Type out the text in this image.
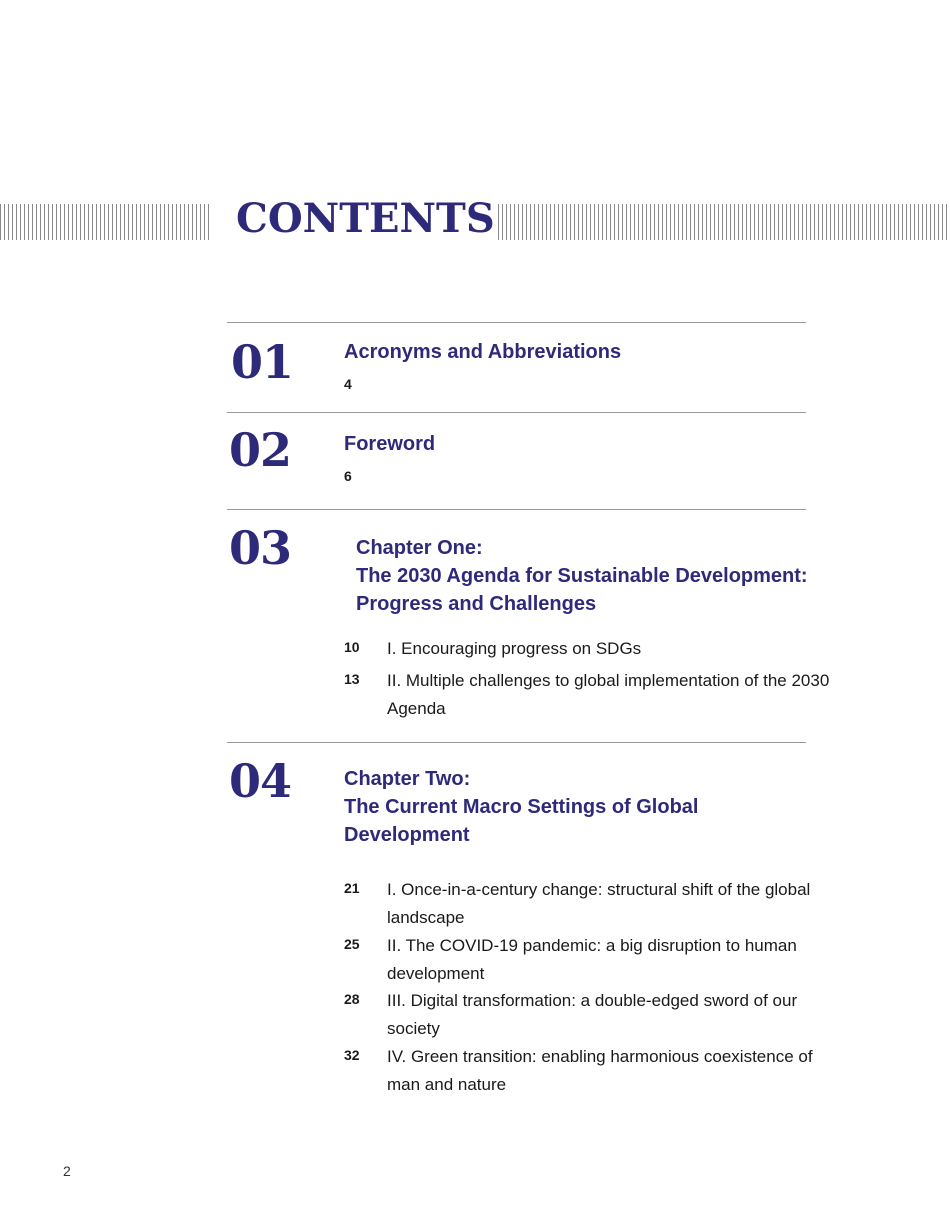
CONTENTS
01	Acronyms and Abbreviations
4
02	Foreword
6
03	Chapter One:
The 2030 Agenda for Sustainable Development:
Progress and Challenges
10 I. Encouraging progress on SDGs
13 II. Multiple challenges to global implementation of the 2030 Agenda
04	Chapter Two:
The Current Macro Settings of Global
Development
21 I. Once-in-a-century change: structural shift of the global landscape
25 II. The COVID-19 pandemic: a big disruption to human development
28 III. Digital transformation: a double-edged sword of our society
32 IV. Green transition: enabling harmonious coexistence of man and nature
2
